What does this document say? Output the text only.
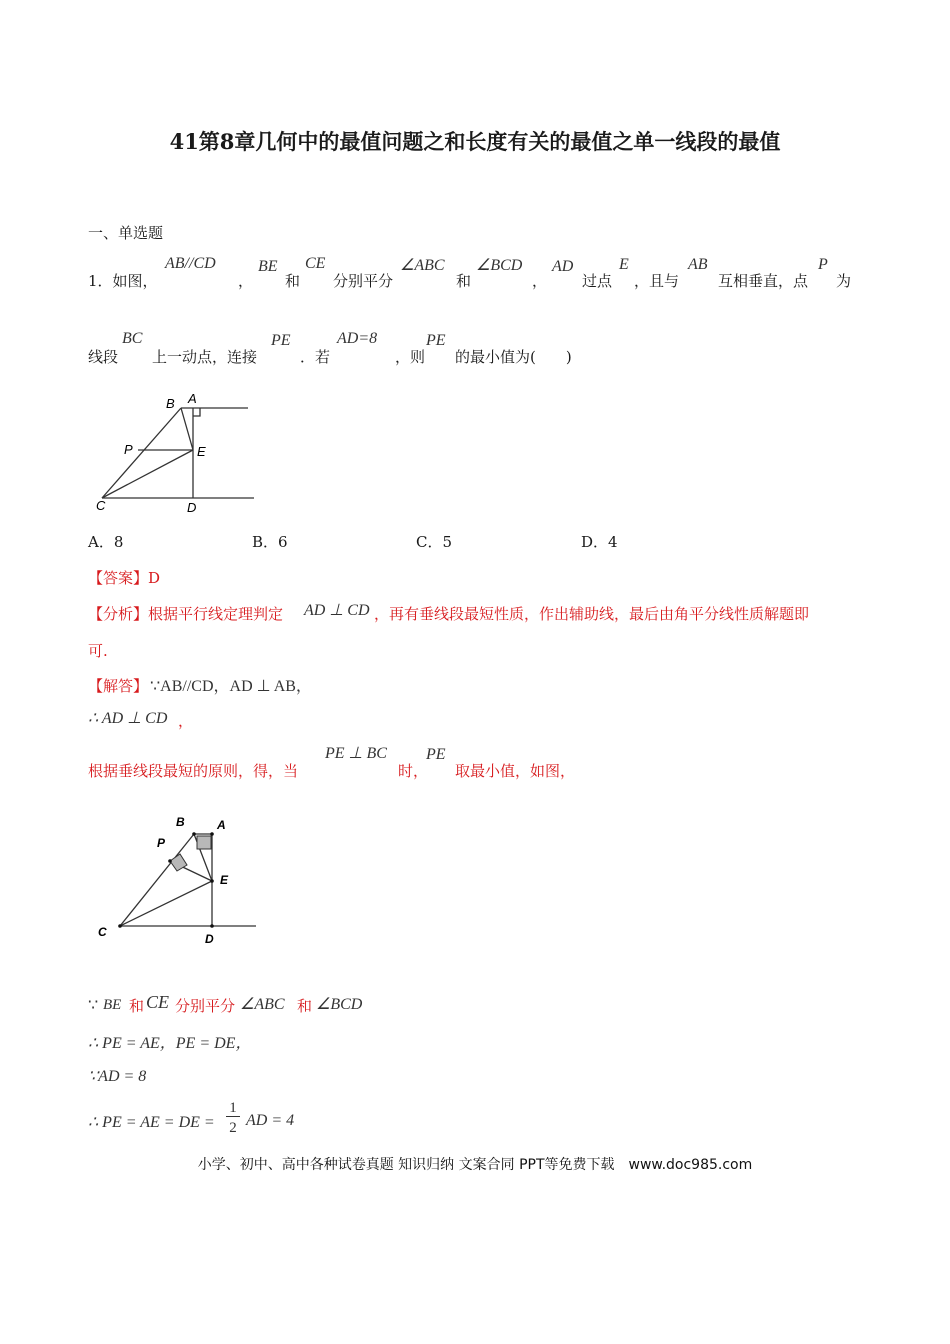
41第8章几何中的最值问题之和长度有关的最值之单一线段的最值
一、单选题
1．如图，
AB//CD
，
BE
和
CE
分别平分
∠ABC
和
∠BCD
，
AD
过点
E
，且与
AB
互相垂直，点
P
为
线段
BC
上一动点，连接
PE
．若
AD=8
，则
PE
的最小值为(　　)
B A
P	E
C	D
A．8	B．6	C．5	D．4
【答案】D
【分析】根据平行线定理判定 AD ⊥ CD ，再有垂线段最短性质，作出辅助线，最后由角平分线性质解题即
可.
【解答】 ∵AB//CD，AD ⊥ AB，
∴ AD ⊥ CD ，
根据垂线段最短的原则，得，当
PE ⊥ BC
时，
PE
取最小值，如图，
B	A
P
E
C	D
∵ BE 和 CE 分别平分 ∠ABC 和 ∠BCD
∴ PE = AE，PE = DE，
∵AD = 8
∴ PE = AE = DE =
1
2 AD = 4
小学、初中、高中各种试卷真题 知识归纳 文案合同 PPT等免费下载　www.doc985.com
